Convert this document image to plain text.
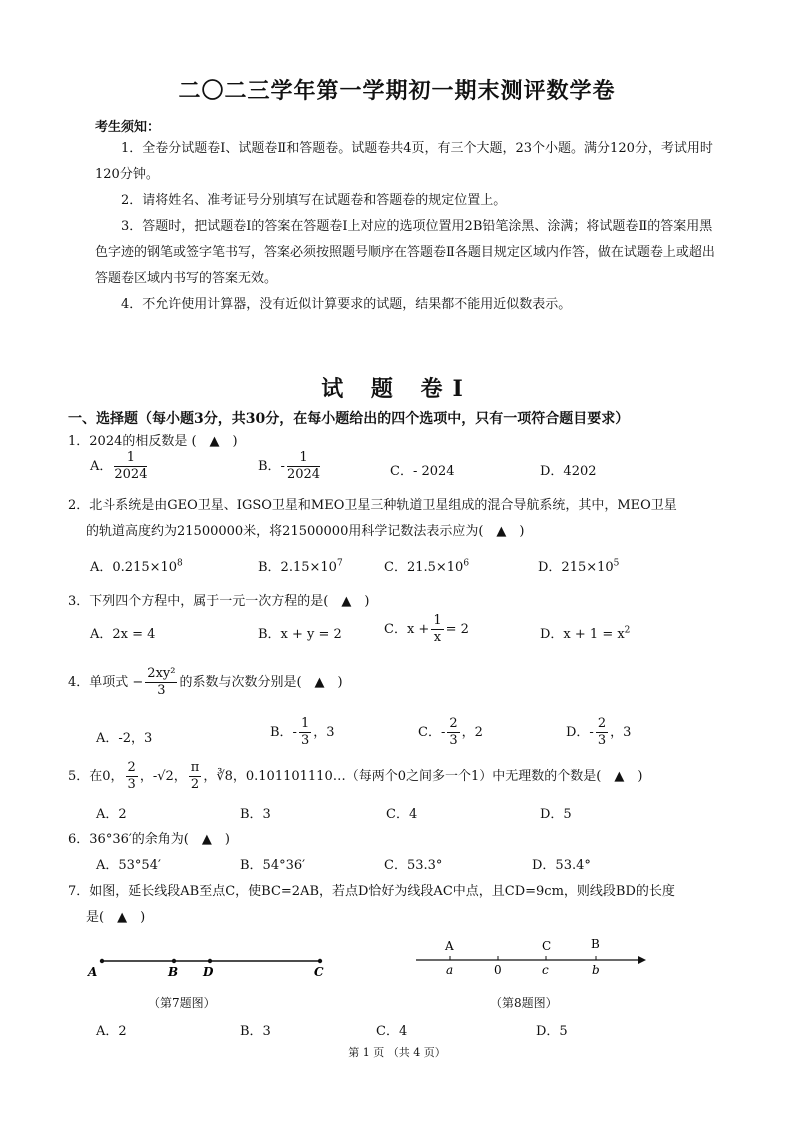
二〇二三学年第一学期初一期末测评数学卷
考生须知：
1．全卷分试题卷Ⅰ、试题卷Ⅱ和答题卷。试题卷共4页，有三个大题，23个小题。满分120分，考试用时120分钟。
2．请将姓名、准考证号分别填写在试题卷和答题卷的规定位置上。
3．答题时，把试题卷Ⅰ的答案在答题卷Ⅰ上对应的选项位置用2B铅笔涂黑、涂满；将试题卷Ⅱ的答案用黑色字迹的钢笔或签字笔书写，答案必须按照题号顺序在答题卷Ⅱ各题目规定区域内作答，做在试题卷上或超出答题卷区域内书写的答案无效。
4．不允许使用计算器，没有近似计算要求的试题，结果都不能用近似数表示。
试 题 卷Ⅰ
一、选择题（每小题3分，共30分，在每小题给出的四个选项中，只有一项符合题目要求）
1．2024的相反数是 (　▲　)
A． $\frac{1}{2024}$	B．- $\frac{1}{2024}$	C．- 2024	D．4202
2．北斗系统是由GEO卫星、IGSO卫星和MEO卫星三种轨道卫星组成的混合导航系统，其中，MEO卫星
的轨道高度约为21500000米，将21500000用科学记数法表示应为(　▲　)
A．$0.215\times 10^8$	B．$2.15\times 10^7$	C．$21.5\times 10^6$	D．$215\times 10^5$
3．下列四个方程中，属于一元一次方程的是(　▲　)
A．2x = 4	B．x + y = 2	C．$x + \frac{1}{x} = 2$	D．$x + 1 = x^2$
4．单项式 − $\frac{\text{2xy²}}{3}$ 的系数与次数分别是(　▲　)
A．-2，3	B．- $\frac{1}{3}$ ，3	C．- $\frac{2}{3}$ ，2	D．- $\frac{2}{3}$ ，3
5．在0， $\frac{2}{3}$ ，-√2， $\frac{\pi}{2}$ ，∛8，0.101101110…（每两个0之间多一个1）中无理数的个数是(　▲　)
A．2	B．3	C．4	D．5
6．36°36′的余角为(　▲　)
A．53°54′	B．54°36′	C．53.3°	D．53.4°
7．如图，延长线段AB至点C，使BC=2AB，若点D恰好为线段AC中点，且CD=9cm，则线段BD的长度
是(　▲　)
A	B D	C
（第7题图）
A	C	B
a	0	c	b
（第8题图）
A．2	B．3	C．4	D．5
第 1 页 （共 4 页）
